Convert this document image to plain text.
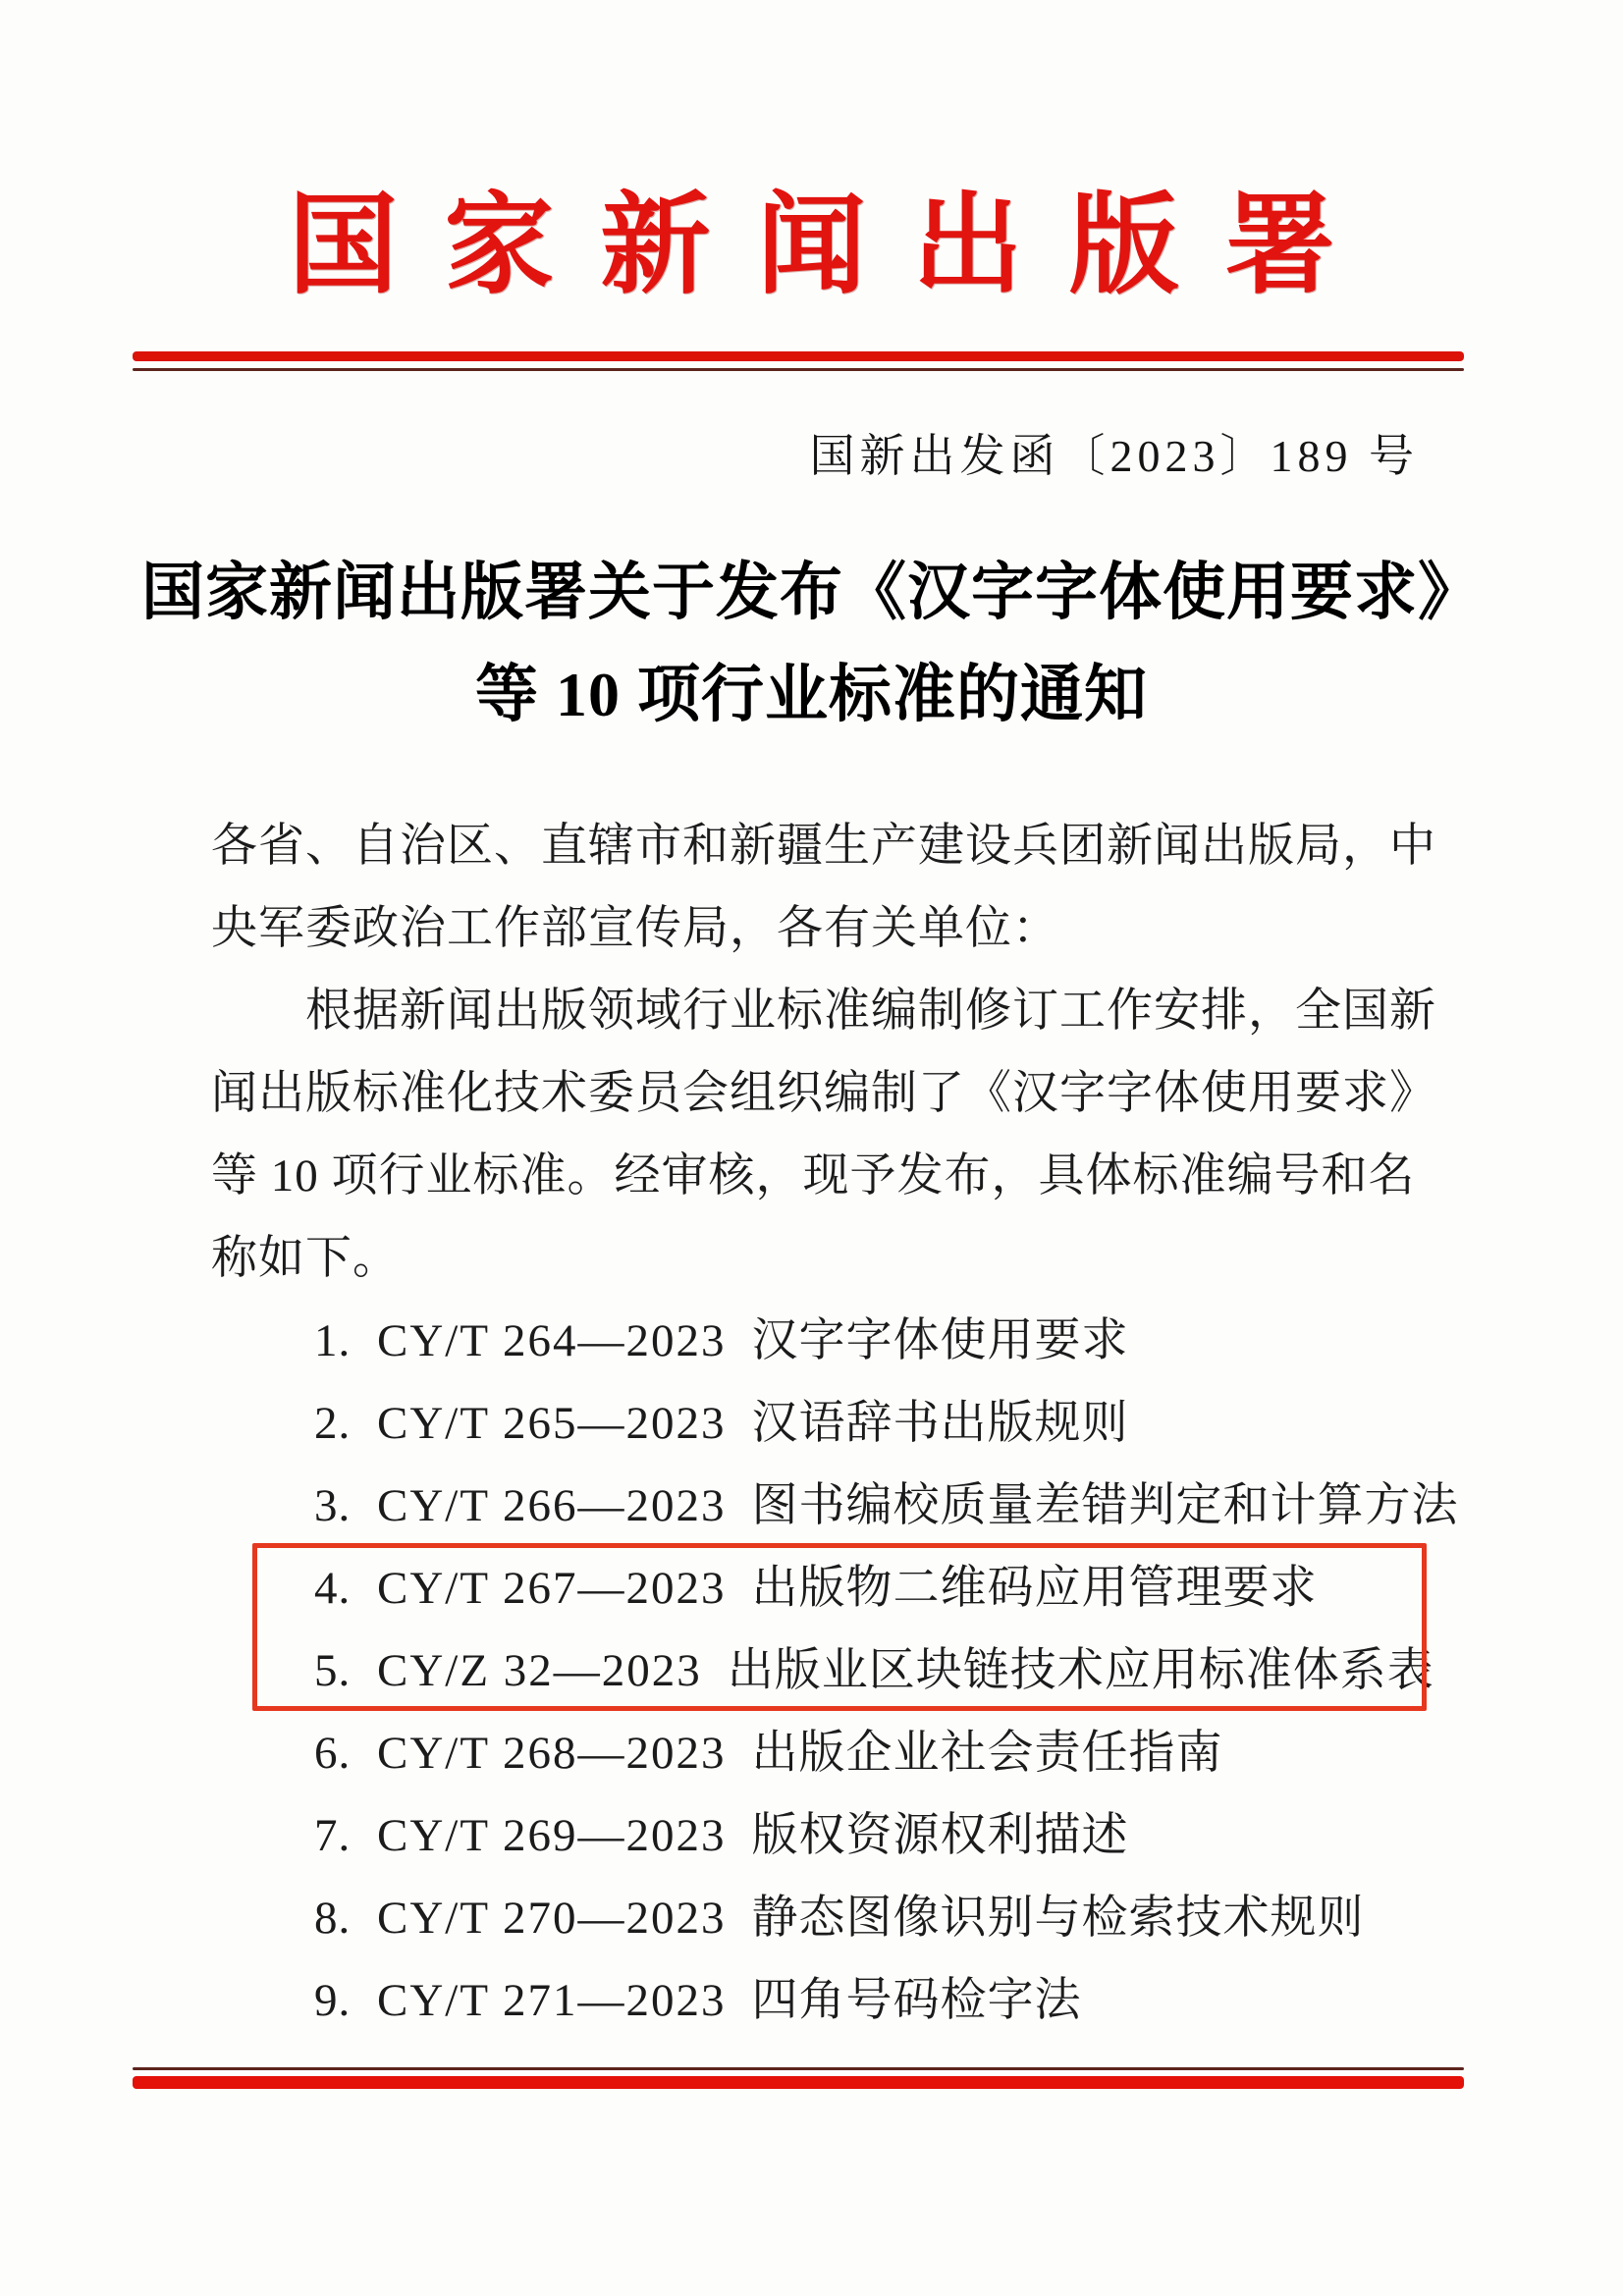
国家新闻出版署
国新出发函〔2023〕189 号
国家新闻出版署关于发布《汉字字体使用要求》
等 10 项行业标准的通知
各省、自治区、直辖市和新疆生产建设兵团新闻出版局，中
央军委政治工作部宣传局，各有关单位：
根据新闻出版领域行业标准编制修订工作安排，全国新
闻出版标准化技术委员会组织编制了《汉字字体使用要求》
等 10 项行业标准。经审核，现予发布，具体标准编号和名
称如下。
1. CY/T 264—2023 汉字字体使用要求
2. CY/T 265—2023 汉语辞书出版规则
3. CY/T 266—2023 图书编校质量差错判定和计算方法
4. CY/T 267—2023 出版物二维码应用管理要求
5. CY/Z 32—2023 出版业区块链技术应用标准体系表
6. CY/T 268—2023 出版企业社会责任指南
7. CY/T 269—2023 版权资源权利描述
8. CY/T 270—2023 静态图像识别与检索技术规则
9. CY/T 271—2023 四角号码检字法
